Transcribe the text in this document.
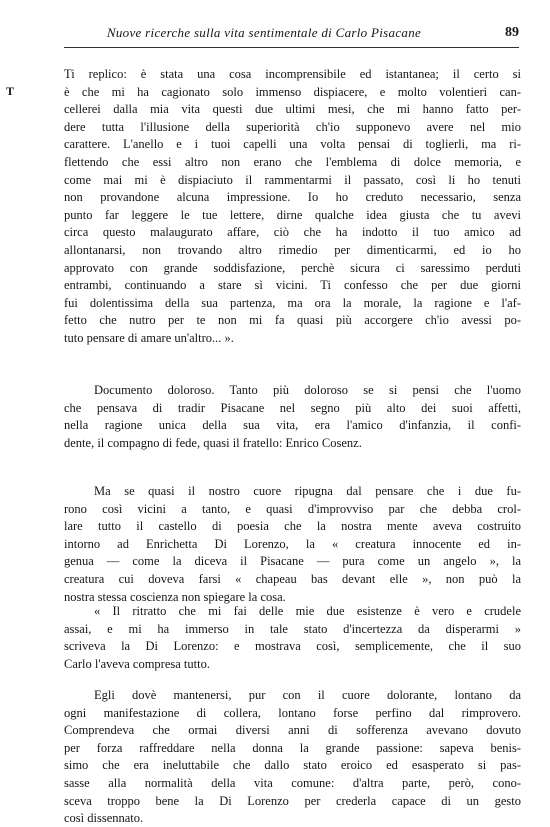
Nuove ricerche sulla vita sentimentale di Carlo Pisacane	89
T
Ti replico: è stata una cosa incomprensibile ed istantanea; il certo si
è che mi ha cagionato solo immenso dispiacere, e molto volentieri can-
cellerei dalla mia vita questi due ultimi mesi, che mi hanno fatto per-
dere tutta l'illusione della superiorità ch'io supponevo avere nel mio
carattere. L'anello e i tuoi capelli una volta pensai di toglierli, ma ri-
flettendo che essi altro non erano che l'emblema di dolce memoria, e
come mai mi è dispiaciuto il rammentarmi il passato, così li ho tenuti
non provandone alcuna impressione. Io ho creduto necessario, senza
punto far leggere le tue lettere, dirne qualche idea giusta che tu avevi
circa questo malaugurato affare, ciò che ha indotto il tuo amico ad
allontanarsi, non trovando altro rimedio per dimenticarmi, ed io ho
approvato con grande soddisfazione, perchè sicura ci saressimo perduti
entrambi, continuando a stare sì vicini. Ti confesso che per due giorni
fui dolentissima della sua partenza, ma ora la morale, la ragione e l'af-
fetto che nutro per te non mi fa quasi più accorgere ch'io avessi po-
tuto pensare di amare un'altro... ».
Documento doloroso. Tanto più doloroso se si pensi che l'uomo
che pensava di tradir Pisacane nel segno più alto dei suoi affetti,
nella ragione unica della sua vita, era l'amico d'infanzia, il confi-
dente, il compagno di fede, quasi il fratello: Enrico Cosenz.
Ma se quasi il nostro cuore ripugna dal pensare che i due fu-
rono così vicini a tanto, e quasi d'improvviso par che debba crol-
lare tutto il castello di poesia che la nostra mente aveva costruito
intorno ad Enrichetta Di Lorenzo, la « creatura innocente ed in-
genua — come la diceva il Pisacane — pura come un angelo », la
creatura cui doveva farsi « chapeau bas devant elle », non può la
nostra stessa coscienza non spiegare la cosa.
« Il ritratto che mi fai delle mie due esistenze è vero e crudele
assai, e mi ha immerso in tale stato d'incertezza da disperarmi »
scriveva la Di Lorenzo: e mostrava così, semplicemente, che il suo
Carlo l'aveva compresa tutto.
Egli dovè mantenersi, pur con il cuore dolorante, lontano da
ogni manifestazione di collera, lontano forse perfino dal rimprovero.
Comprendeva che ormai diversi anni di sofferenza avevano dovuto
per forza raffreddare nella donna la grande passione: sapeva benis-
simo che era ineluttabile che dallo stato eroico ed esasperato si pas-
sasse alla normalità della vita comune: d'altra parte, però, cono-
sceva troppo bene la Di Lorenzo per crederla capace di un gesto
così dissennato.
